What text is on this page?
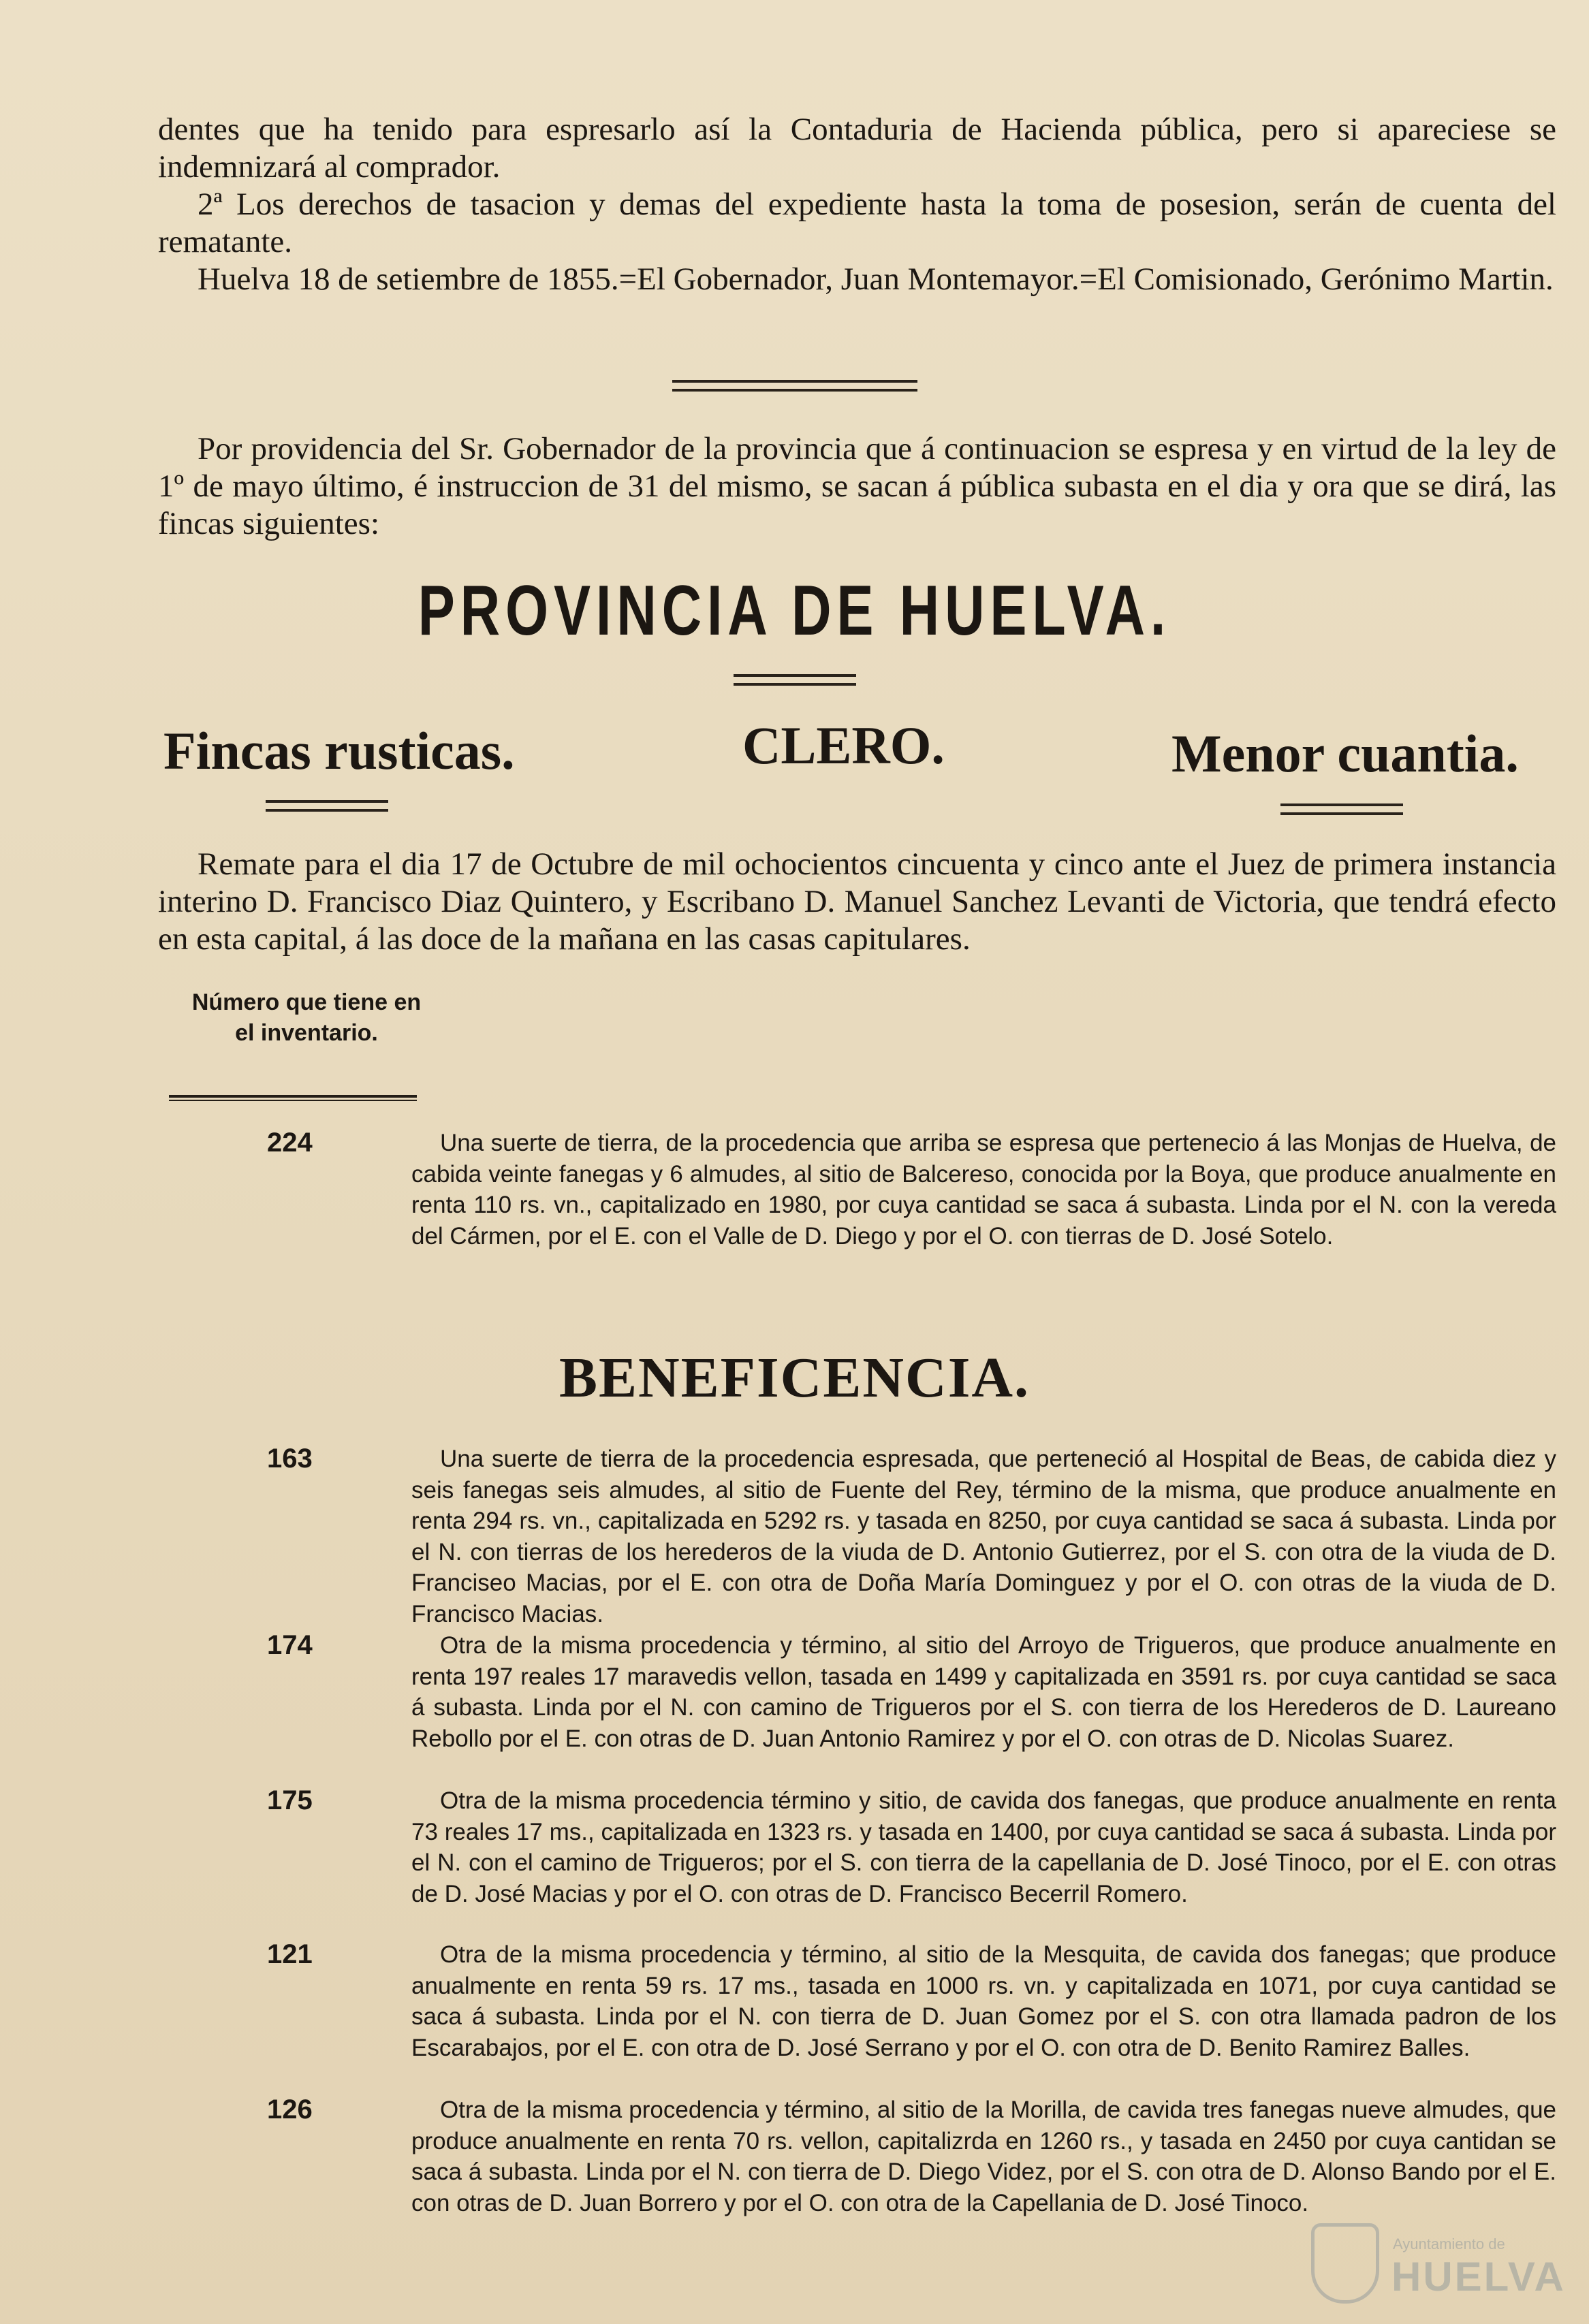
dentes que ha tenido para espresarlo así la Contaduria de Hacienda pública, pero si apareciese se indemnizará al comprador.
2ª Los derechos de tasacion y demas del expediente hasta la toma de posesion, serán de cuenta del rematante.
Huelva 18 de setiembre de 1855.=El Gobernador, Juan Montemayor.=El Comisionado, Gerónimo Martin.
Por providencia del Sr. Gobernador de la provincia que á continuacion se espresa y en virtud de la ley de 1º de mayo último, é instruccion de 31 del mismo, se sacan á pública subasta en el dia y ora que se dirá, las fincas siguientes:
PROVINCIA DE HUELVA.
Fincas rusticas.	CLERO.	Menor cuantia.
Remate para el dia 17 de Octubre de mil ochocientos cincuenta y cinco ante el Juez de primera instancia interino D. Francisco Diaz Quintero, y Escribano D. Manuel Sanchez Levanti de Victoria, que tendrá efecto en esta capital, á las doce de la mañana en las casas capitulares.
Número que tiene en el inventario.
224	Una suerte de tierra, de la procedencia que arriba se espresa que pertenecio á las Monjas de Huelva, de cabida veinte fanegas y 6 almudes, al sitio de Balcereso, conocida por la Boya, que produce anualmente en renta 110 rs. vn., capitalizado en 1980, por cuya cantidad se saca á subasta. Linda por el N. con la vereda del Cármen, por el E. con el Valle de D. Diego y por el O. con tierras de D. José Sotelo.
BENEFICENCIA.
163	Una suerte de tierra de la procedencia espresada, que perteneció al Hospital de Beas, de cabida diez y seis fanegas seis almudes, al sitio de Fuente del Rey, término de la misma, que produce anualmente en renta 294 rs. vn., capitalizada en 5292 rs. y tasada en 8250, por cuya cantidad se saca á subasta. Linda por el N. con tierras de los herederos de la viuda de D. Antonio Gutierrez, por el S. con otra de la viuda de D. Franciseo Macias, por el E. con otra de Doña María Dominguez y por el O. con otras de la viuda de D. Francisco Macias.
174	Otra de la misma procedencia y término, al sitio del Arroyo de Trigueros, que produce anualmente en renta 197 reales 17 maravedis vellon, tasada en 1499 y capitalizada en 3591 rs. por cuya cantidad se saca á subasta. Linda por el N. con camino de Trigueros por el S. con tierra de los Herederos de D. Laureano Rebollo por el E. con otras de D. Juan Antonio Ramirez y por el O. con otras de D. Nicolas Suarez.
175	Otra de la misma procedencia término y sitio, de cavida dos fanegas, que produce anualmente en renta 73 reales 17 ms., capitalizada en 1323 rs. y tasada en 1400, por cuya cantidad se saca á subasta. Linda por el N. con el camino de Trigueros; por el S. con tierra de la capellania de D. José Tinoco, por el E. con otras de D. José Macias y por el O. con otras de D. Francisco Becerril Romero.
121	Otra de la misma procedencia y término, al sitio de la Mesquita, de cavida dos fanegas; que produce anualmente en renta 59 rs. 17 ms., tasada en 1000 rs. vn. y capitalizada en 1071, por cuya cantidad se saca á subasta. Linda por el N. con tierra de D. Juan Gomez por el S. con otra llamada padron de los Escarabajos, por el E. con otra de D. José Serrano y por el O. con otra de D. Benito Ramirez Balles.
126	Otra de la misma procedencia y término, al sitio de la Morilla, de cavida tres fanegas nueve almudes, que produce anualmente en renta 70 rs. vellon, capitalizrda en 1260 rs., y tasada en 2450 por cuya cantidan se saca á subasta. Linda por el N. con tierra de D. Diego Videz, por el S. con otra de D. Alonso Bando por el E. con otras de D. Juan Borrero y por el O. con otra de la Capellania de D. José Tinoco.
Ayuntamiento de
HUELVA
